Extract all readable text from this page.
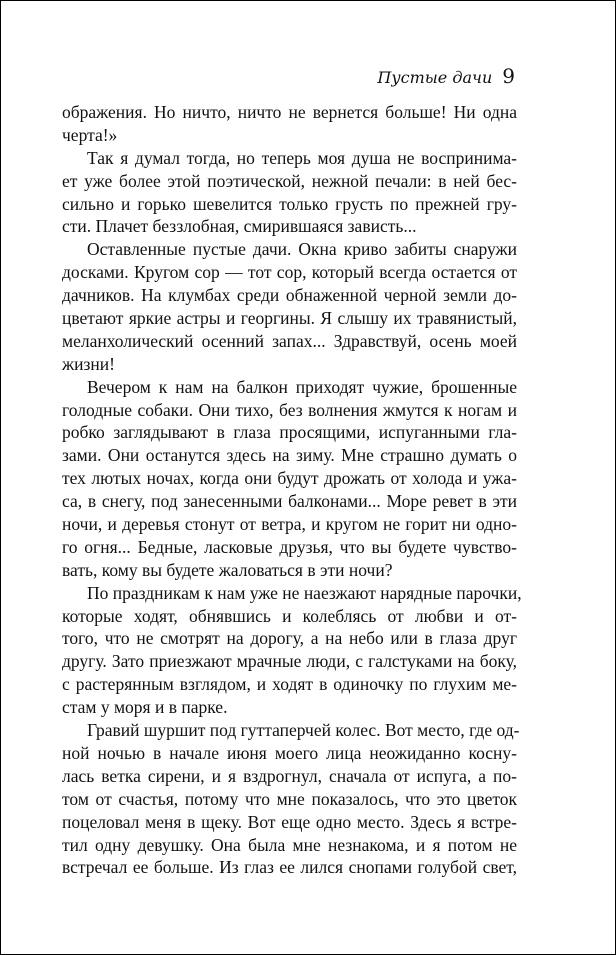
Пустые дачи 9
ображения. Но ничто, ничто не вернется больше! Ни одна
черта!»
Так я думал тогда, но теперь моя душа не воспринима-
ет уже более этой поэтической, нежной печали: в ней бес-
сильно и горько шевелится только грусть по прежней гру-
сти. Плачет беззлобная, смирившаяся зависть...
Оставленные пустые дачи. Окна криво забиты снаружи
досками. Кругом сор — тот сор, который всегда остается от
дачников. На клумбах среди обнаженной черной земли до-
цветают яркие астры и георгины. Я слышу их травянистый,
меланхолический осенний запах... Здравствуй, осень моей
жизни!
Вечером к нам на балкон приходят чужие, брошенные
голодные собаки. Они тихо, без волнения жмутся к ногам и
робко заглядывают в глаза просящими, испуганными гла-
зами. Они останутся здесь на зиму. Мне страшно думать о
тех лютых ночах, когда они будут дрожать от холода и ужа-
са, в снегу, под занесенными балконами... Море ревет в эти
ночи, и деревья стонут от ветра, и кругом не горит ни одно-
го огня... Бедные, ласковые друзья, что вы будете чувство-
вать, кому вы будете жаловаться в эти ночи?
По праздникам к нам уже не наезжают нарядные парочки,
которые ходят, обнявшись и колеблясь от любви и от-
того, что не смотрят на дорогу, а на небо или в глаза друг
другу. Зато приезжают мрачные люди, с галстуками на боку,
с растерянным взглядом, и ходят в одиночку по глухим ме-
стам у моря и в парке.
Гравий шуршит под гуттаперчей колес. Вот место, где од-
ной ночью в начале июня моего лица неожиданно косну-
лась ветка сирени, и я вздрогнул, сначала от испуга, а по-
том от счастья, потому что мне показалось, что это цветок
поцеловал меня в щеку. Вот еще одно место. Здесь я встре-
тил одну девушку. Она была мне незнакома, и я потом не
встречал ее больше. Из глаз ее лился снопами голубой свет,
